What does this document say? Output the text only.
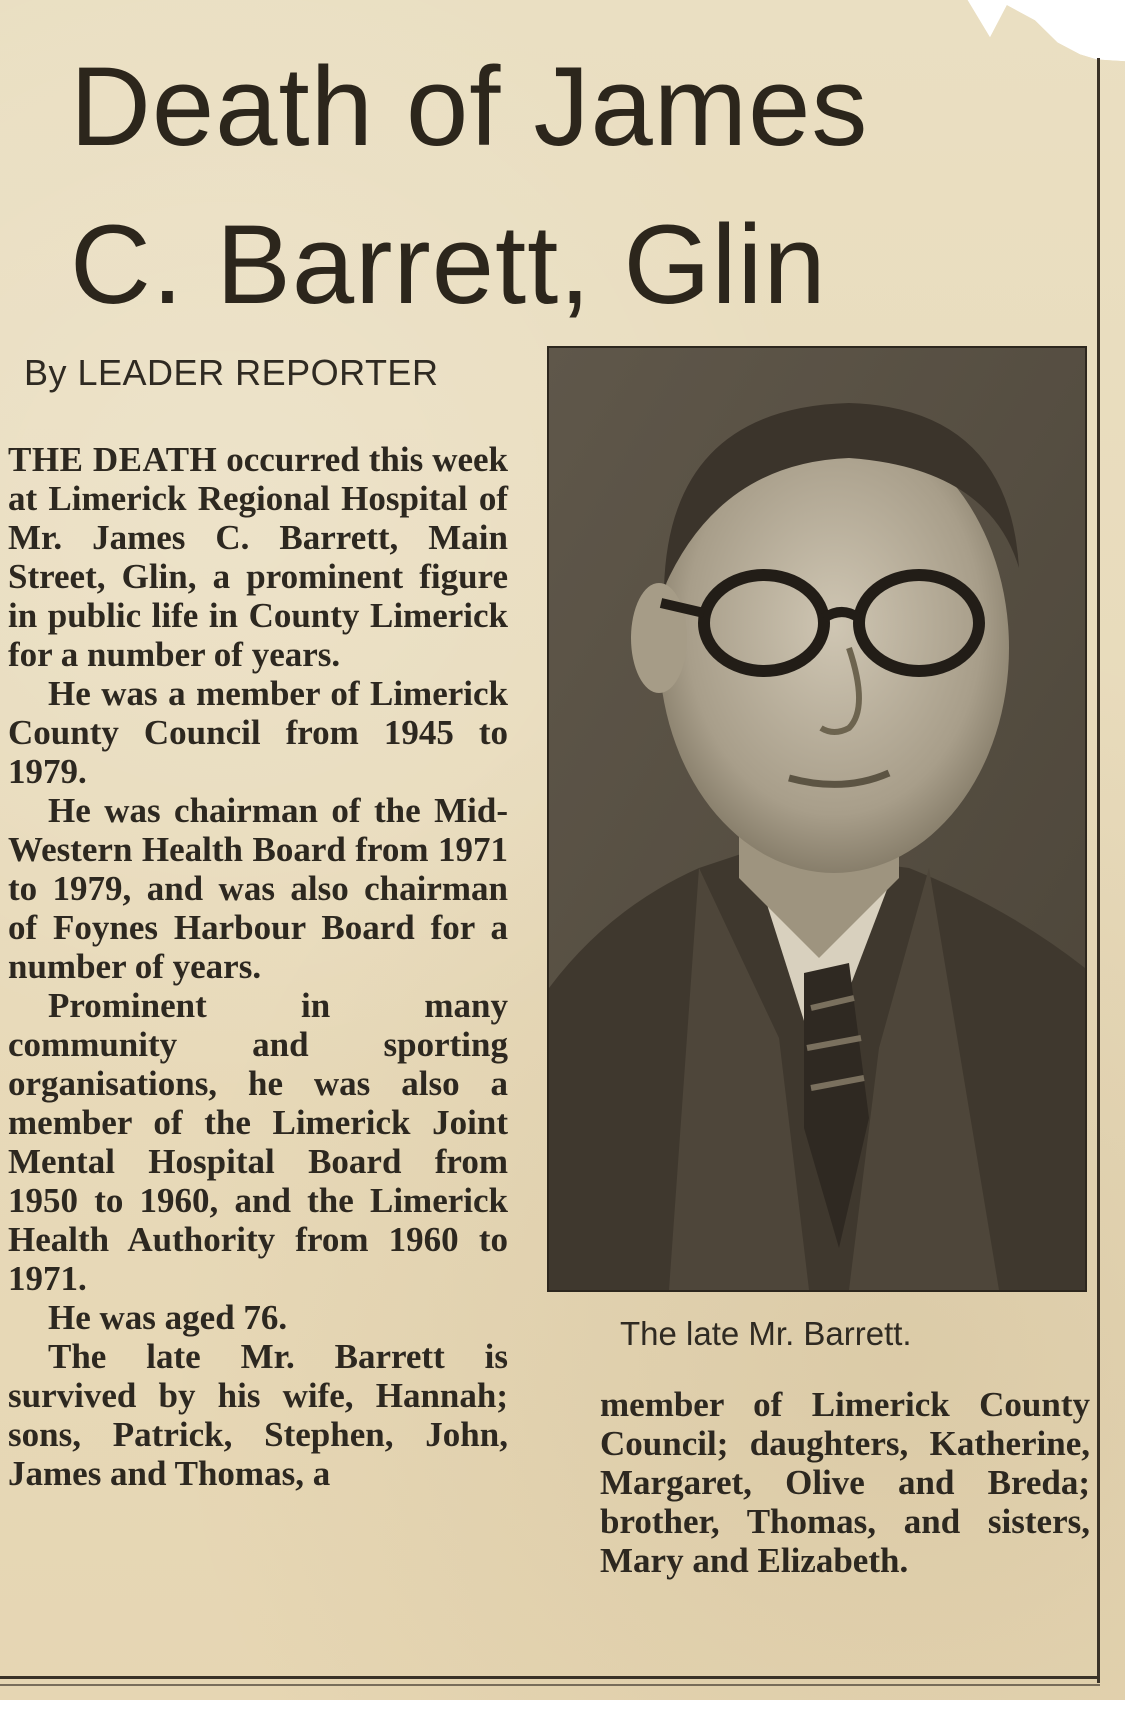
Death of James
C. Barrett, Glin

By LEADER REPORTER

THE DEATH occurred this week at Limerick Regional Hospital of Mr. James C. Barrett, Main Street, Glin, a prominent figure in public life in County Limerick for a number of years.

He was a member of Limerick County Council from 1945 to 1979.

He was chairman of the Mid-Western Health Board from 1971 to 1979, and was also chairman of Foynes Harbour Board for a number of years.

Prominent in many community and sporting organisations, he was also a member of the Limerick Joint Mental Hospital Board from 1950 to 1960, and the Limerick Health Authority from 1960 to 1971.

He was aged 76.

The late Mr. Barrett is survived by his wife, Hannah; sons, Patrick, Stephen, John, James and Thomas, a

The late Mr. Barrett.

member of Limerick County Council; daughters, Katherine, Margaret, Olive and Breda; brother, Thomas, and sisters, Mary and Elizabeth.
